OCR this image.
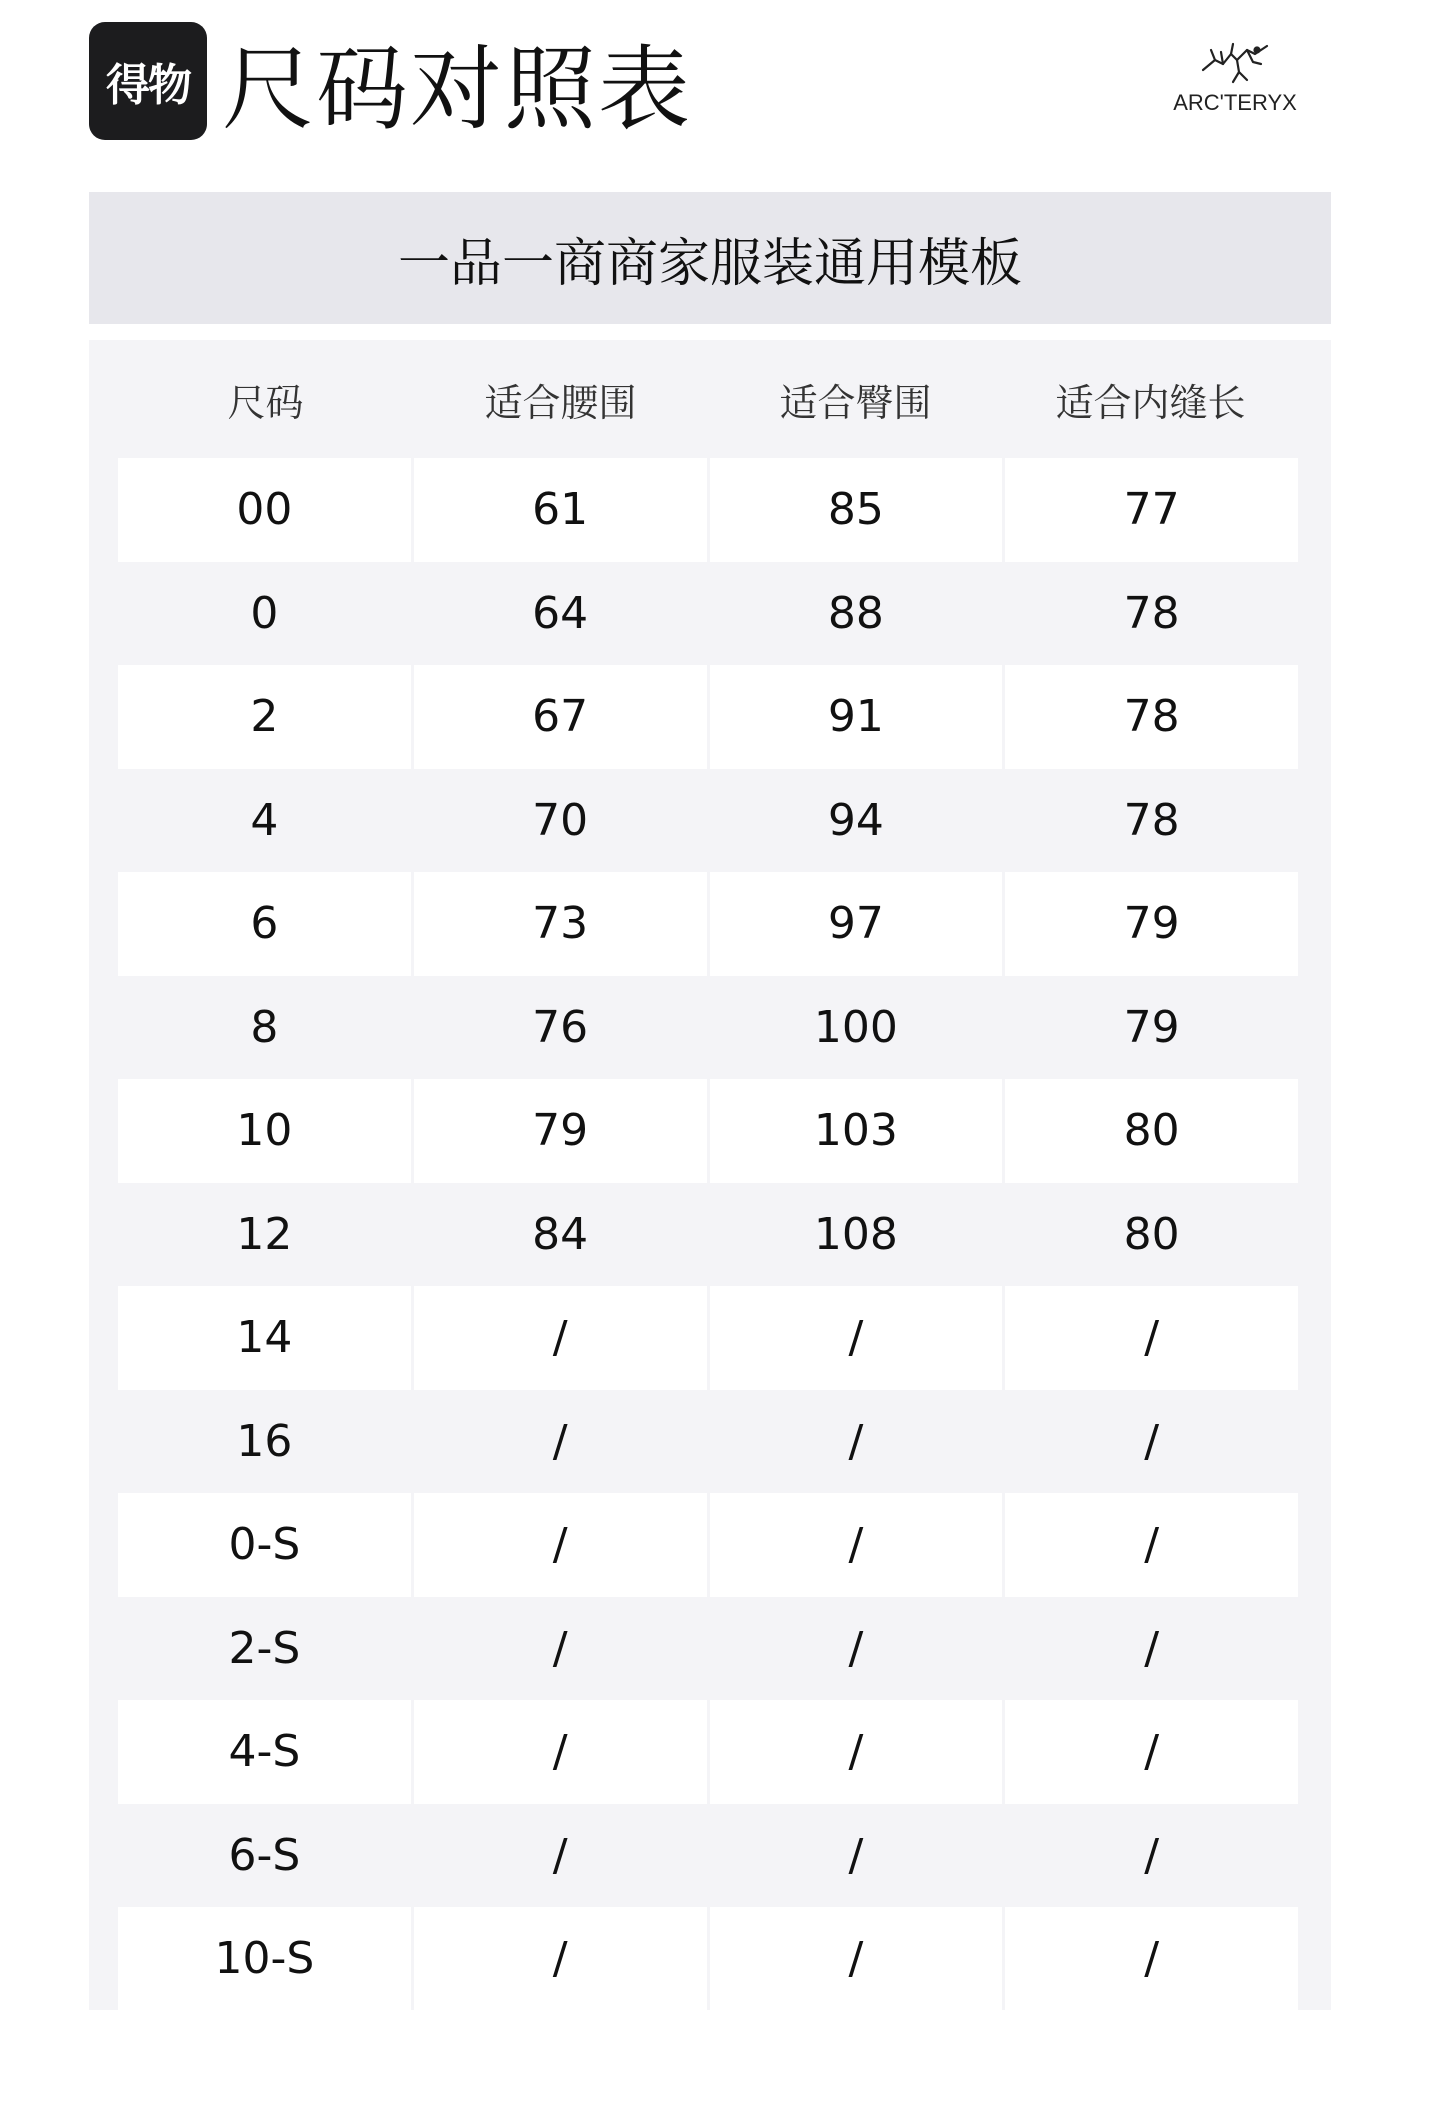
得物 尺码对照表	ARC'TERYX
一品一商商家服装通用模板
尺码	适合腰围	适合臀围	适合内缝长
00	61	85	77
0	64	88	78
2	67	91	78
4	70	94	78
6	73	97	79
8	76	100	79
10	79	103	80
12	84	108	80
14	/	/	/
16	/	/	/
0-S	/	/	/
2-S	/	/	/
4-S	/	/	/
6-S	/	/	/
10-S	/	/	/
